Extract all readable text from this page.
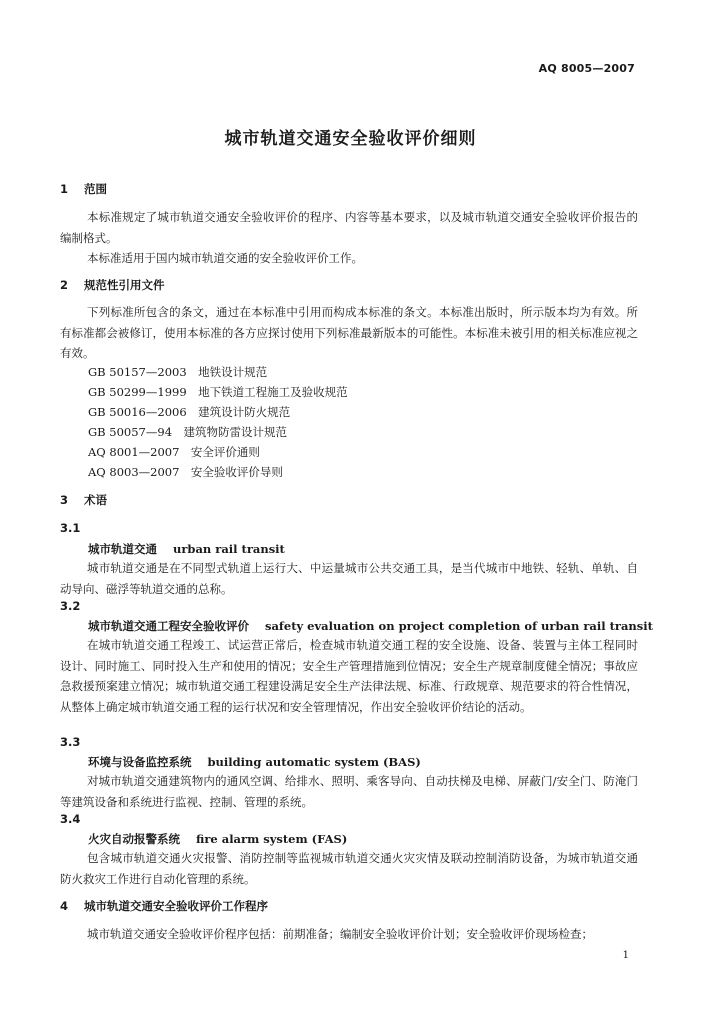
AQ 8005—2007
城市轨道交通安全验收评价细则
1 范围
本标准规定了城市轨道交通安全验收评价的程序、内容等基本要求，以及城市轨道交通安全验收评价报告的编制格式。
本标准适用于国内城市轨道交通的安全验收评价工作。
2 规范性引用文件
下列标准所包含的条文，通过在本标准中引用而构成本标准的条文。本标准出版时，所示版本均为有效。所有标准都会被修订，使用本标准的各方应探讨使用下列标准最新版本的可能性。本标准未被引用的相关标准应视之有效。
GB 50157—2003　地铁设计规范
GB 50299—1999　地下铁道工程施工及验收规范
GB 50016—2006　建筑设计防火规范
GB 50057—94　建筑物防雷设计规范
AQ 8001—2007　安全评价通则
AQ 8003—2007　安全验收评价导则
3 术语
3.1
城市轨道交通 urban rail transit
城市轨道交通是在不同型式轨道上运行大、中运量城市公共交通工具，是当代城市中地铁、轻轨、单轨、自动导向、磁浮等轨道交通的总称。
3.2
城市轨道交通工程安全验收评价 safety evaluation on project completion of urban rail transit
在城市轨道交通工程竣工、试运营正常后，检查城市轨道交通工程的安全设施、设备、装置与主体工程同时设计、同时施工、同时投入生产和使用的情况；安全生产管理措施到位情况；安全生产规章制度健全情况；事故应急救援预案建立情况；城市轨道交通工程建设满足安全生产法律法规、标准、行政规章、规范要求的符合性情况，从整体上确定城市轨道交通工程的运行状况和安全管理情况，作出安全验收评价结论的活动。
3.3
环境与设备监控系统 building automatic system (BAS)
对城市轨道交通建筑物内的通风空调、给排水、照明、乘客导向、自动扶梯及电梯、屏蔽门/安全门、防淹门等建筑设备和系统进行监视、控制、管理的系统。
3.4
火灾自动报警系统 fire alarm system (FAS)
包含城市轨道交通火灾报警、消防控制等监视城市轨道交通火灾灾情及联动控制消防设备，为城市轨道交通防火救灾工作进行自动化管理的系统。
4 城市轨道交通安全验收评价工作程序
城市轨道交通安全验收评价程序包括：前期准备；编制安全验收评价计划；安全验收评价现场检查；
1
